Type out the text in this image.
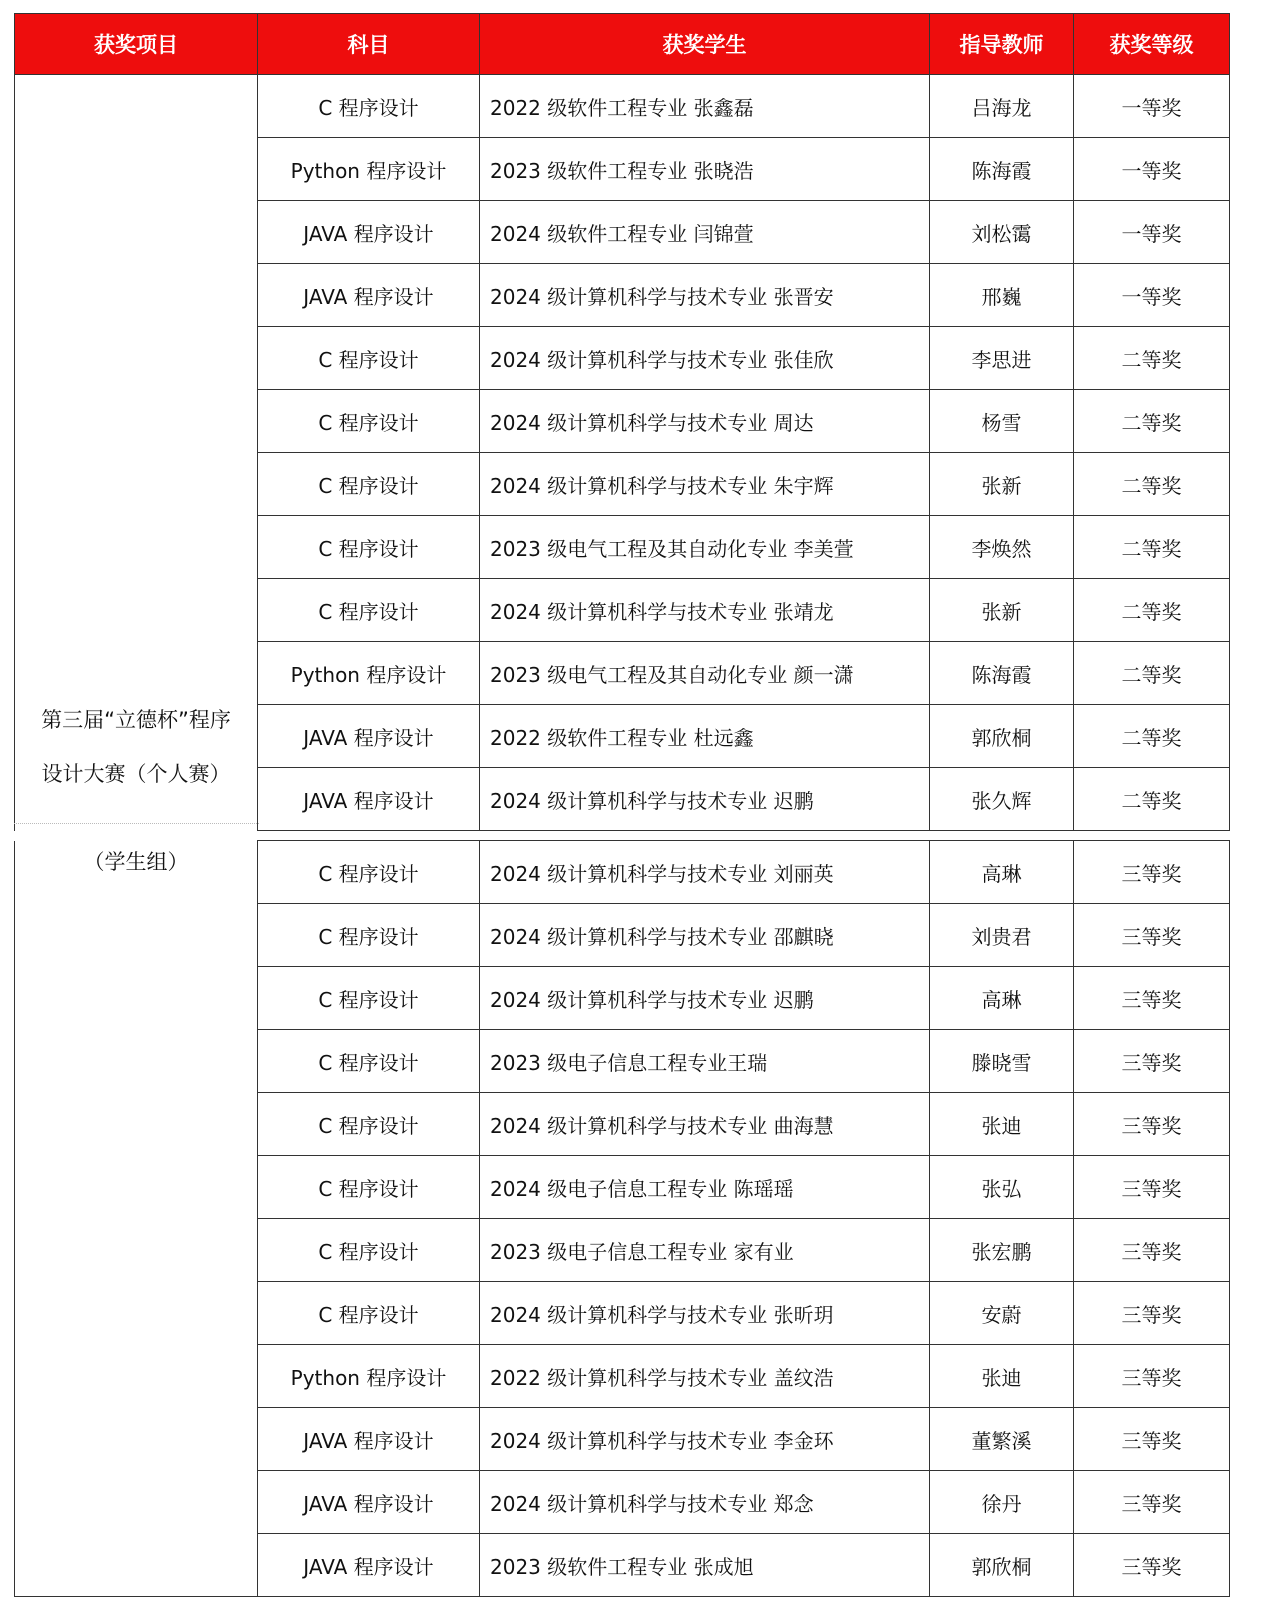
获奖项目	科目	获奖学生	指导教师	获奖等级

第三届“立德杯”程序
设计大赛（个人赛）	C 程序设计	2022 级软件工程专业 张鑫磊	吕海龙	一等奖
	Python 程序设计	2023 级软件工程专业 张晓浩	陈海霞	一等奖
	JAVA 程序设计	2024 级软件工程专业 闫锦萱	刘松霭	一等奖
	JAVA 程序设计	2024 级计算机科学与技术专业 张晋安	邢巍	一等奖
	C 程序设计	2024 级计算机科学与技术专业 张佳欣	李思进	二等奖
	C 程序设计	2024 级计算机科学与技术专业 周达	杨雪	二等奖
	C 程序设计	2024 级计算机科学与技术专业 朱宇辉	张新	二等奖
	C 程序设计	2023 级电气工程及其自动化专业 李美萱	李焕然	二等奖
	C 程序设计	2024 级计算机科学与技术专业 张靖龙	张新	二等奖
	Python 程序设计	2023 级电气工程及其自动化专业 颜一潇	陈海霞	二等奖
	JAVA 程序设计	2022 级软件工程专业 杜远鑫	郭欣桐	二等奖
	JAVA 程序设计	2024 级计算机科学与技术专业 迟鹏	张久辉	二等奖
（学生组）	C 程序设计	2024 级计算机科学与技术专业 刘丽英	高琳	三等奖
	C 程序设计	2024 级计算机科学与技术专业 邵麒晓	刘贵君	三等奖
	C 程序设计	2024 级计算机科学与技术专业 迟鹏	高琳	三等奖
	C 程序设计	2023 级电子信息工程专业王瑞	滕晓雪	三等奖
	C 程序设计	2024 级计算机科学与技术专业 曲海慧	张迪	三等奖
	C 程序设计	2024 级电子信息工程专业 陈瑶瑶	张弘	三等奖
	C 程序设计	2023 级电子信息工程专业 家有业	张宏鹏	三等奖
	C 程序设计	2024 级计算机科学与技术专业 张昕玥	安蔚	三等奖
	Python 程序设计	2022 级计算机科学与技术专业 盖纹浩	张迪	三等奖
	JAVA 程序设计	2024 级计算机科学与技术专业 李金环	董繁溪	三等奖
	JAVA 程序设计	2024 级计算机科学与技术专业 郑念	徐丹	三等奖
	JAVA 程序设计	2023 级软件工程专业 张成旭	郭欣桐	三等奖
